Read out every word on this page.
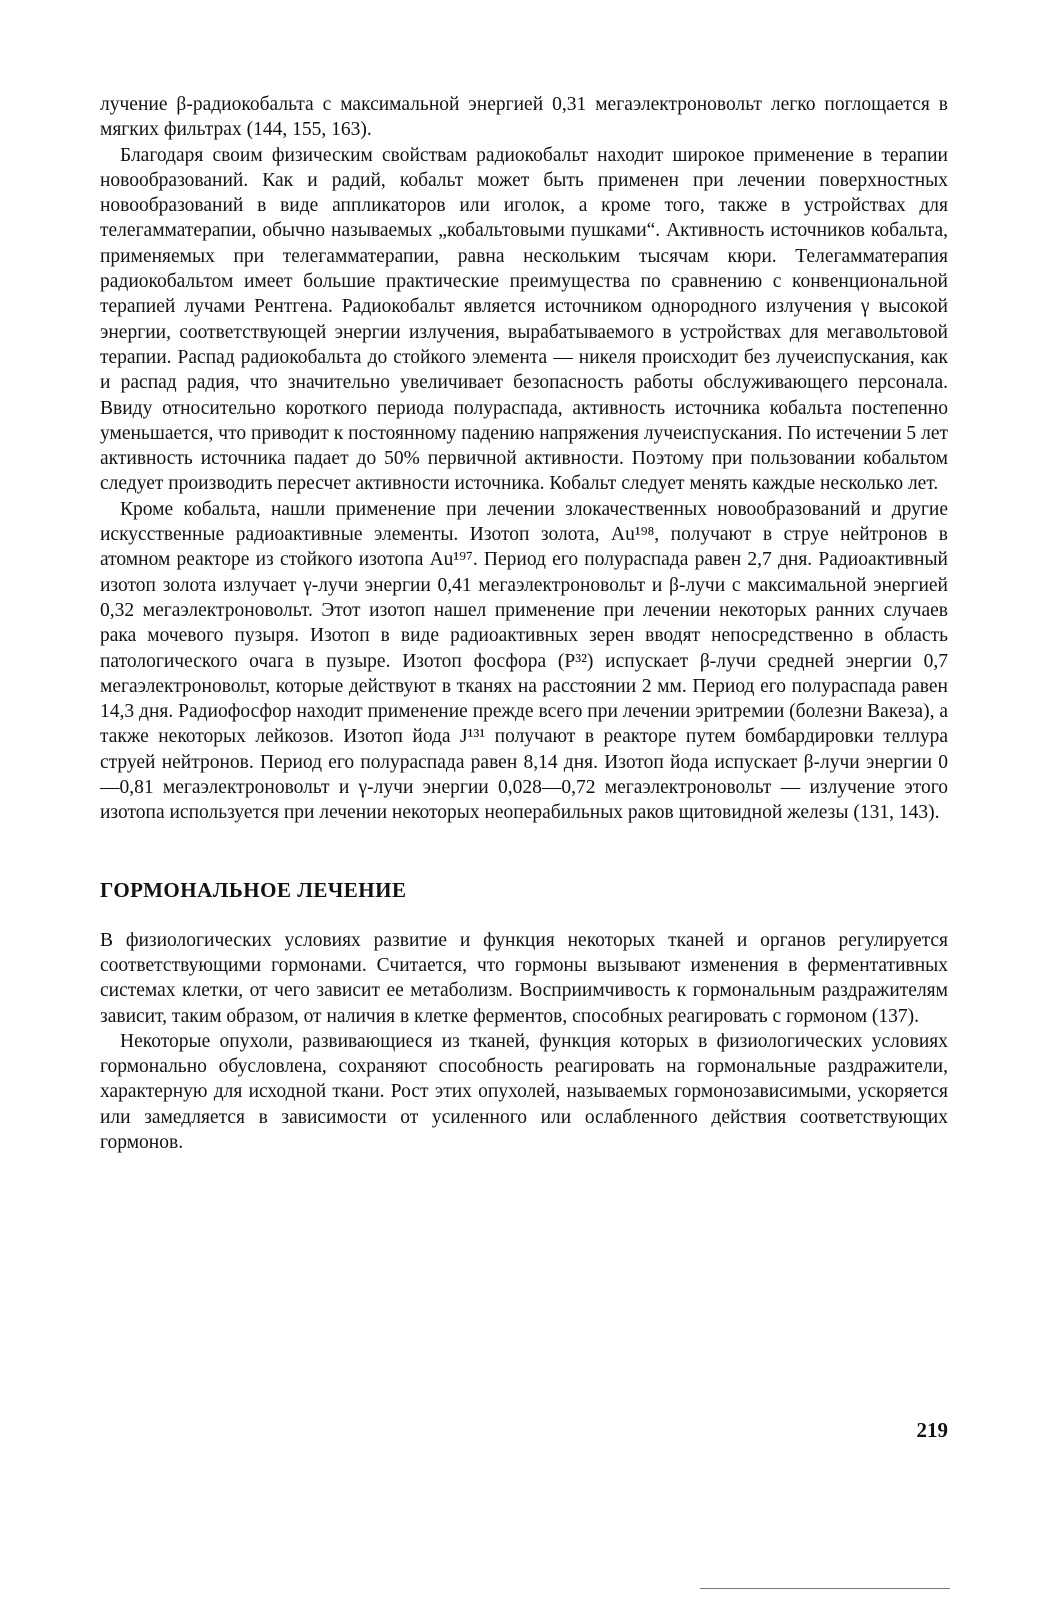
лучение β-радиокобальта с максимальной энергией 0,31 мегаэлектроновольт легко поглощается в мягких фильтрах (144, 155, 163).

Благодаря своим физическим свойствам радиокобальт находит широкое применение в терапии новообразований. Как и радий, кобальт может быть применен при лечении поверхностных новообразований в виде аппликаторов или иголок, а кроме того, также в устройствах для телегамматерапии, обычно называемых „кобальтовыми пушками“. Активность источников кобальта, применяемых при телегамматерапии, равна нескольким тысячам кюри. Телегамматерапия радиокобальтом имеет большие практические преимущества по сравнению с конвенциональной терапией лучами Рентгена. Радиокобальт является источником однородного излучения γ высокой энергии, соответствующей энергии излучения, вырабатываемого в устройствах для мегавольтовой терапии. Распад радиокобальта до стойкого элемента — никеля происходит без лучеиспускания, как и распад радия, что значительно увеличивает безопасность работы обслуживающего персонала. Ввиду относительно короткого периода полураспада, активность источника кобальта постепенно уменьшается, что приводит к постоянному падению напряжения лучеиспускания. По истечении 5 лет активность источника падает до 50% первичной активности. Поэтому при пользовании кобальтом следует производить пересчет активности источника. Кобальт следует менять каждые несколько лет.

Кроме кобальта, нашли применение при лечении злокачественных новообразований и другие искусственные радиоактивные элементы. Изотоп золота, Au¹⁹⁸, получают в струе нейтронов в атомном реакторе из стойкого изотопа Au¹⁹⁷. Период его полураспада равен 2,7 дня. Радиоактивный изотоп золота излучает γ-лучи энергии 0,41 мегаэлектроновольт и β-лучи с максимальной энергией 0,32 мегаэлектроновольт. Этот изотоп нашел применение при лечении некоторых ранних случаев рака мочевого пузыря. Изотоп в виде радиоактивных зерен вводят непосредственно в область патологического очага в пузыре. Изотоп фосфора (P³²) испускает β-лучи средней энергии 0,7 мегаэлектроновольт, которые действуют в тканях на расстоянии 2 мм. Период его полураспада равен 14,3 дня. Радиофосфор находит применение прежде всего при лечении эритремии (болезни Вакеза), а также некоторых лейкозов. Изотоп йода J¹³¹ получают в реакторе путем бомбардировки теллура струей нейтронов. Период его полураспада равен 8,14 дня. Изотоп йода испускает β-лучи энергии 0—0,81 мегаэлектроновольт и γ-лучи энергии 0,028—0,72 мегаэлектроновольт — излучение этого изотопа используется при лечении некоторых неоперабильных раков щитовидной железы (131, 143).

ГОРМОНАЛЬНОЕ ЛЕЧЕНИЕ

В физиологических условиях развитие и функция некоторых тканей и органов регулируется соответствующими гормонами. Считается, что гормоны вызывают изменения в ферментативных системах клетки, от чего зависит ее метаболизм. Восприимчивость к гормональным раздражителям зависит, таким образом, от наличия в клетке ферментов, способных реагировать с гормоном (137).

Некоторые опухоли, развивающиеся из тканей, функция которых в физиологических условиях гормонально обусловлена, сохраняют способность реагировать на гормональные раздражители, характерную для исходной ткани. Рост этих опухолей, называемых гормонозависимыми, ускоряется или замедляется в зависимости от усиленного или ослабленного действия соответствующих гормонов.

219
